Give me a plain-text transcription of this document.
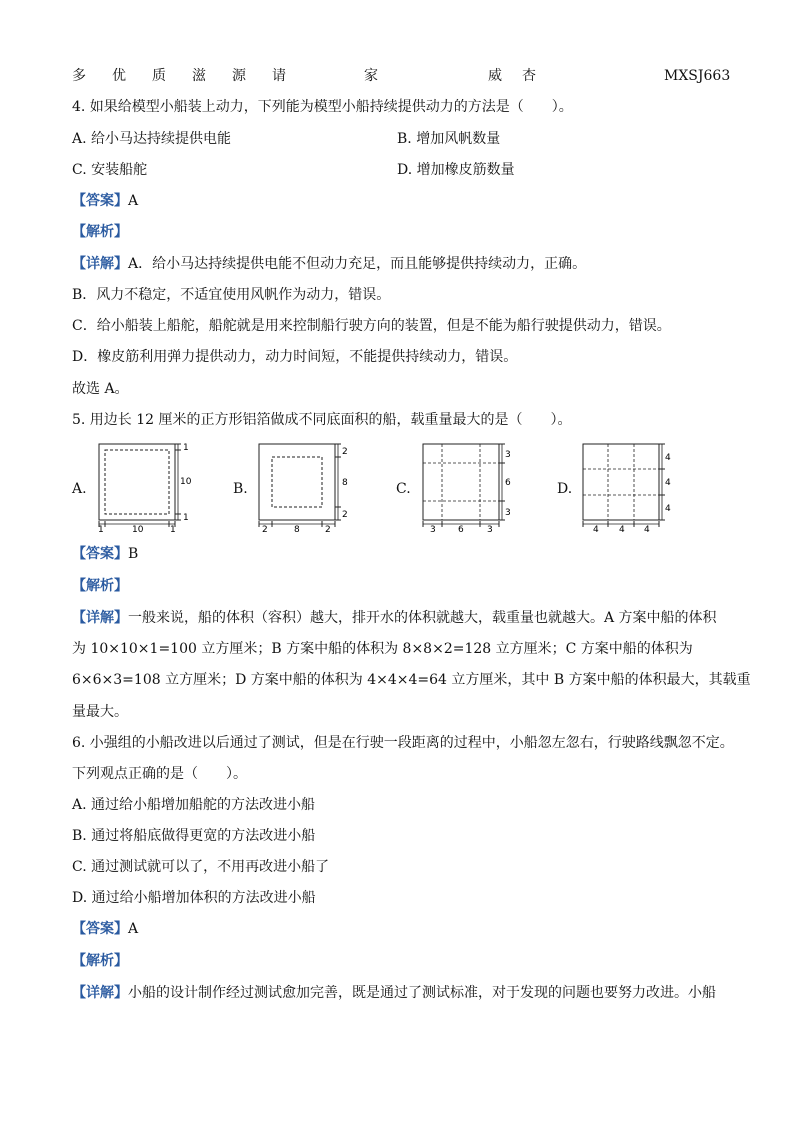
多 优 质 滋 源 请	家	威 杏	MXSJ663
4. 如果给模型小船装上动力，下列能为模型小船持续提供动力的方法是（　　）。
A. 给小马达持续提供电能	B. 增加风帆数量
C. 安装船舵	D. 增加橡皮筋数量
【答案】A
【解析】
【详解】A．给小马达持续提供电能不但动力充足，而且能够提供持续动力，正确。
B．风力不稳定，不适宜使用风帆作为动力，错误。
C．给小船装上船舵，船舵就是用来控制船行驶方向的装置，但是不能为船行驶提供动力，错误。
D．橡皮筋利用弹力提供动力，动力时间短，不能提供持续动力，错误。
故选 A。
5. 用边长 12 厘米的正方形铝箔做成不同底面积的船，载重量最大的是（　　）。
A.
1
10
1
1	10	1
B.
2
8
2
2	8	2
C.
3
6
3
3 6	3
D.
4
4
4
4 4 4
【答案】B
【解析】
【详解】一般来说，船的体积（容积）越大，排开水的体积就越大，载重量也就越大。A 方案中船的体积
为 10×10×1=100 立方厘米；B 方案中船的体积为 8×8×2=128 立方厘米；C 方案中船的体积为
6×6×3=108 立方厘米；D 方案中船的体积为 4×4×4=64 立方厘米，其中 B 方案中船的体积最大，其载重
量最大。
6. 小强组的小船改进以后通过了测试，但是在行驶一段距离的过程中，小船忽左忽右，行驶路线飘忽不定。
下列观点正确的是（　　）。
A. 通过给小船增加船舵的方法改进小船
B. 通过将船底做得更宽的方法改进小船
C. 通过测试就可以了，不用再改进小船了
D. 通过给小船增加体积的方法改进小船
【答案】A
【解析】
【详解】小船的设计制作经过测试愈加完善，既是通过了测试标准，对于发现的问题也要努力改进。小船
